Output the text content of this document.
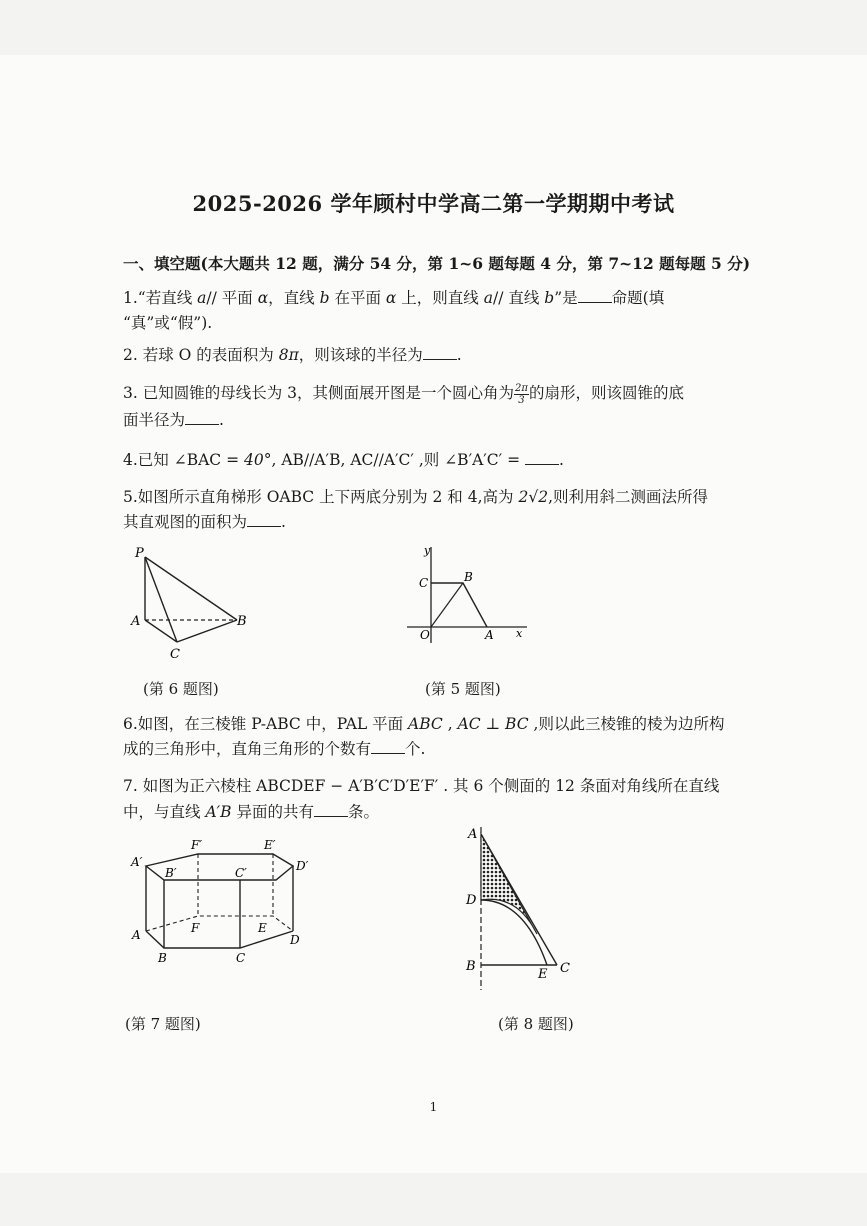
2025-2026 学年顾村中学高二第一学期期中考试
一、填空题(本大题共 12 题，满分 54 分，第 1~6 题每题 4 分，第 7~12 题每题 5 分)
1.“若直线 a// 平面 α，直线 b 在平面 α 上，则直线 a// 直线 b”是 命题(填
“真”或“假”).
2. 若球 O 的表面积为 8π，则该球的半径为 .
3. 已知圆锥的母线长为 3，其侧面展开图是一个圆心角为 $\frac{2\pi}{3}$ 的扇形，则该圆锥的底
面半径为 .
4.已知 ∠BAC = 40°, AB//A′B, AC//A′C′ ,则 ∠B′A′C′ = .
5.如图所示直角梯形 OABC 上下两底分别为 2 和 4,高为 2√2,则利用斜二测画法所得
其直观图的面积为 .
P
A	B
C
y
C	B
O	A x
(第 6 题图)	(第 5 题图)
6.如图，在三棱锥 P-ABC 中，PAL 平面 ABC , AC ⊥ BC ,则以此三棱锥的棱为边所构
成的三角形中，直角三角形的个数有 个.
7. 如图为正六棱柱 ABCDEF − A′B′C′D′E′F′ . 其 6 个侧面的 12 条面对角线所在直线
中，与直线 A′B 异面的共有 条。
A′
B′	C′	D′
E′
F′
A
B	C
D
E
F
A
D
B
E C
(第 7 题图)	(第 8 题图)
1
